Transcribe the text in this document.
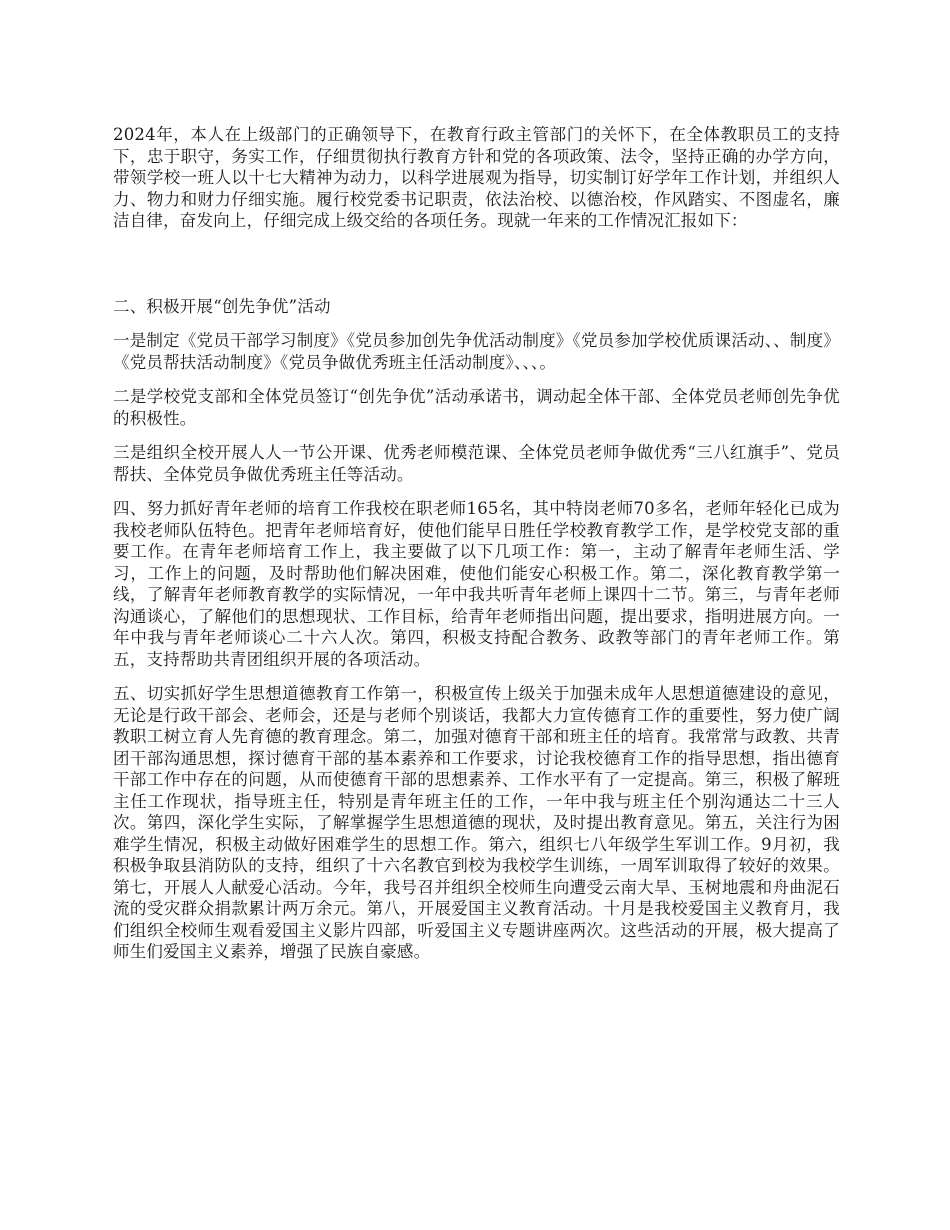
2024年，本人在上级部门的正确领导下，在教育行政主管部门的关怀下，在全体教职员工的支持下，忠于职守，务实工作，仔细贯彻执行教育方针和党的各项政策、法令，坚持正确的办学方向，带领学校一班人以十七大精神为动力，以科学进展观为指导，切实制订好学年工作计划，并组织人力、物力和财力仔细实施。履行校党委书记职责，依法治校、以德治校，作风踏实、不图虚名，廉洁自律，奋发向上，仔细完成上级交给的各项任务。现就一年来的工作情况汇报如下：

二、积极开展“创先争优”活动

一是制定《党员干部学习制度》《党员参加创先争优活动制度》《党员参加学校优质课活动、、制度》《党员帮扶活动制度》《党员争做优秀班主任活动制度》、、、。

二是学校党支部和全体党员签订“创先争优”活动承诺书，调动起全体干部、全体党员老师创先争优的积极性。

三是组织全校开展人人一节公开课、优秀老师模范课、全体党员老师争做优秀“三八红旗手”、党员帮扶、全体党员争做优秀班主任等活动。

四、努力抓好青年老师的培育工作我校在职老师165名，其中特岗老师70多名，老师年轻化已成为我校老师队伍特色。把青年老师培育好，使他们能早日胜任学校教育教学工作，是学校党支部的重要工作。在青年老师培育工作上，我主要做了以下几项工作：第一，主动了解青年老师生活、学习，工作上的问题，及时帮助他们解决困难，使他们能安心积极工作。第二，深化教育教学第一线，了解青年老师教育教学的实际情况，一年中我共听青年老师上课四十二节。第三，与青年老师沟通谈心，了解他们的思想现状、工作目标，给青年老师指出问题，提出要求，指明进展方向。一年中我与青年老师谈心二十六人次。第四，积极支持配合教务、政教等部门的青年老师工作。第五，支持帮助共青团组织开展的各项活动。

五、切实抓好学生思想道德教育工作第一，积极宣传上级关于加强未成年人思想道德建设的意见，无论是行政干部会、老师会，还是与老师个别谈话，我都大力宣传德育工作的重要性，努力使广阔教职工树立育人先育德的教育理念。第二，加强对德育干部和班主任的培育。我常常与政教、共青团干部沟通思想，探讨德育干部的基本素养和工作要求，讨论我校德育工作的指导思想，指出德育干部工作中存在的问题，从而使德育干部的思想素养、工作水平有了一定提高。第三，积极了解班主任工作现状，指导班主任，特别是青年班主任的工作，一年中我与班主任个别沟通达二十三人次。第四，深化学生实际，了解掌握学生思想道德的现状，及时提出教育意见。第五，关注行为困难学生情况，积极主动做好困难学生的思想工作。第六，组织七八年级学生军训工作。9月初，我积极争取县消防队的支持，组织了十六名教官到校为我校学生训练，一周军训取得了较好的效果。第七，开展人人献爱心活动。今年，我号召并组织全校师生向遭受云南大旱、玉树地震和舟曲泥石流的受灾群众捐款累计两万余元。第八，开展爱国主义教育活动。十月是我校爱国主义教育月，我们组织全校师生观看爱国主义影片四部，听爱国主义专题讲座两次。这些活动的开展，极大提高了师生们爱国主义素养，增强了民族自豪感。
